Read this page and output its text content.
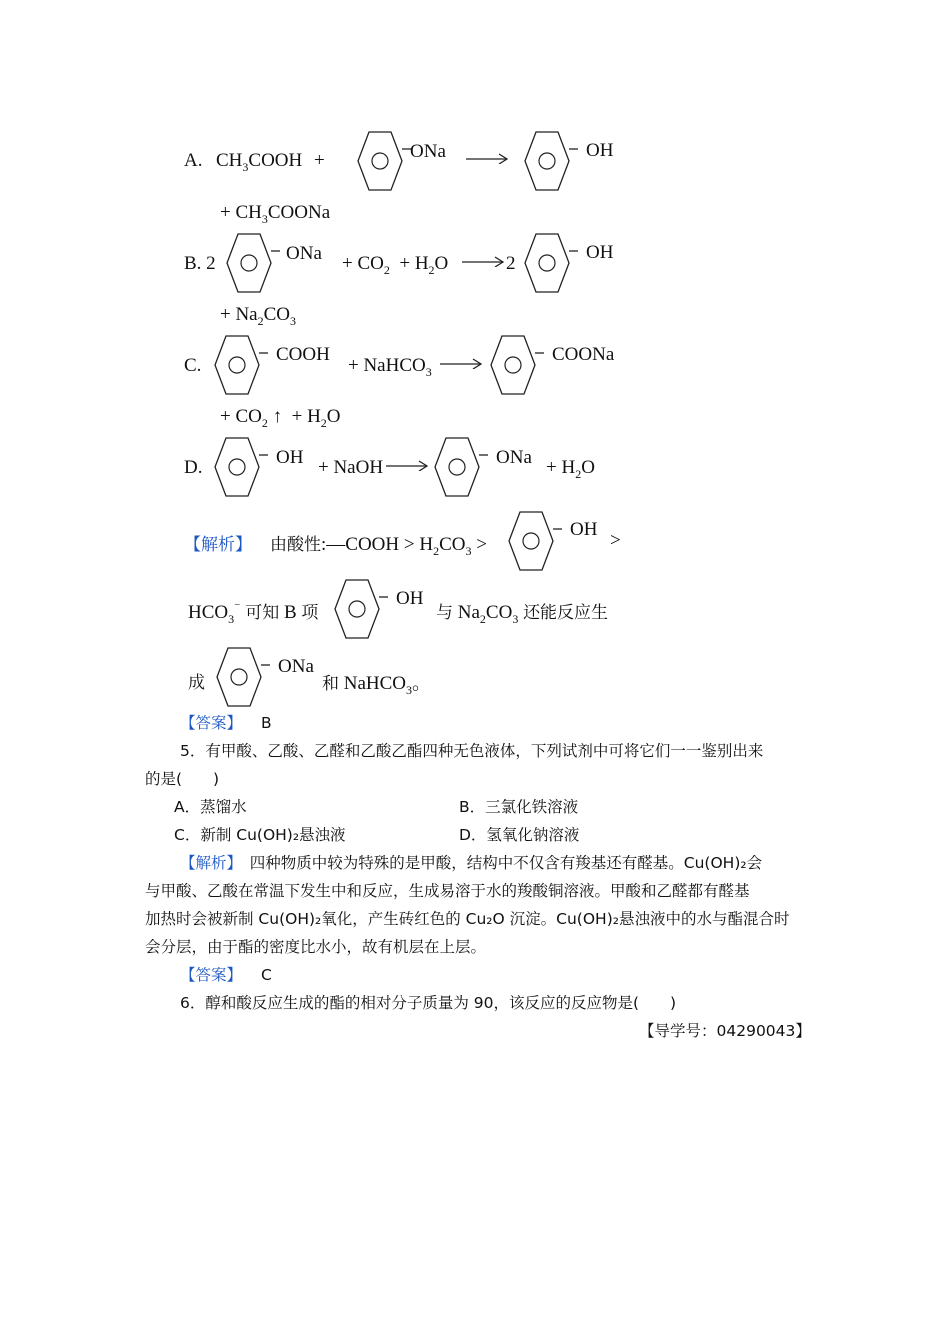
A. $CH_3COOH$ +	ONa →	OH
+ $CH_3COONa$
B. 2	ONa + $CO_2 + H_2O \to 2$
OH
+ $Na_2CO_3$
C.
COOH
+ NaHCO$_3$
COONa
+ $CO_2$ ↑  + $H_2O$
D.	OH + NaOH →	ONa + $H_2O$
【解析】 由酸性:—COOH > $H_2CO_3$ >
OH
>
$HCO_3^{^-}$ 可知 B 项
OH
与 $Na_2CO_3$ 还能反应生
成
ONa
和 NaHCO$_3$。
【答案】 B
5．有甲酸、乙酸、乙醛和乙酸乙酯四种无色液体，下列试剂中可将它们一一鉴别出来
的是(　　)
A．蒸馏水	B．三氯化铁溶液
C．新制 Cu(OH)₂悬浊液	D．氢氧化钠溶液
【解析】　四种物质中较为特殊的是甲酸，结构中不仅含有羧基还有醛基。Cu(OH)₂会
与甲酸、乙酸在常温下发生中和反应，生成易溶于水的羧酸铜溶液。甲酸和乙醛都有醛基
加热时会被新制 Cu(OH)₂氧化，产生砖红色的 Cu₂O 沉淀。Cu(OH)₂悬浊液中的水与酯混合时
会分层，由于酯的密度比水小，故有机层在上层。
【答案】 C
6．醇和酸反应生成的酯的相对分子质量为 90，该反应的反应物是(　　)
【导学号：04290043】
